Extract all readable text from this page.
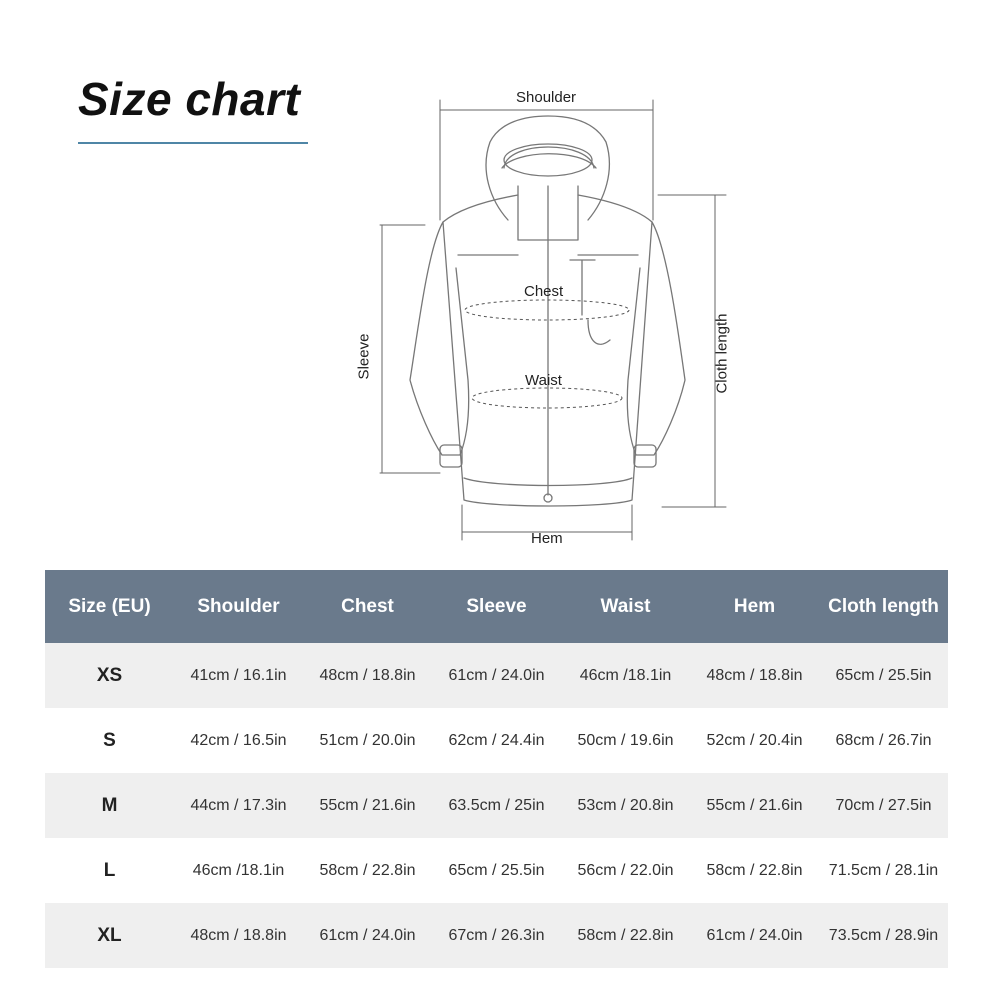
Size chart	Shoulder
Chest
Waist
Hem
Sleeve	Cloth length
Size (EU)	Shoulder	Chest	Sleeve	Waist	Hem	Cloth length
XS	41cm / 16.1in	48cm / 18.8in	61cm / 24.0in	46cm /18.1in	48cm / 18.8in	65cm / 25.5in
S	42cm / 16.5in	51cm / 20.0in	62cm / 24.4in	50cm / 19.6in	52cm / 20.4in	68cm / 26.7in
M	44cm / 17.3in	55cm / 21.6in	63.5cm / 25in	53cm / 20.8in	55cm / 21.6in	70cm / 27.5in
L	46cm /18.1in	58cm / 22.8in	65cm / 25.5in	56cm / 22.0in	58cm / 22.8in	71.5cm / 28.1in
XL	48cm / 18.8in	61cm / 24.0in	67cm / 26.3in	58cm / 22.8in	61cm / 24.0in	73.5cm / 28.9in
